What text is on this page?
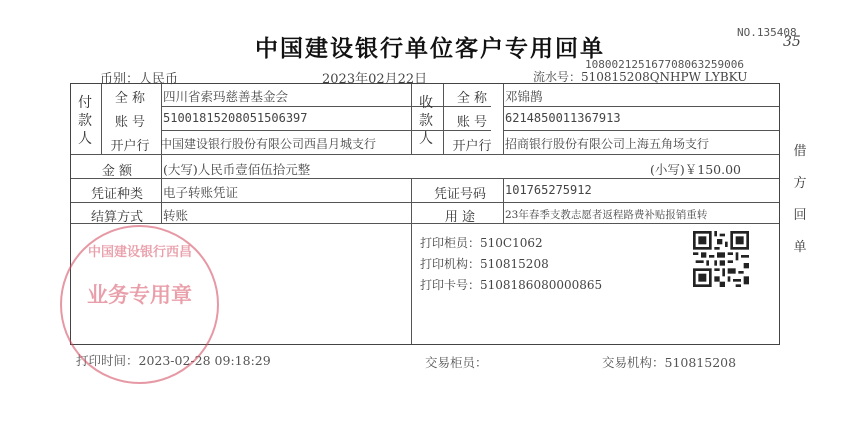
NO.135408
35
中国建设银行单位客户专用回单
108002125167708063259006
币别：人民币	2023年02月22日	流水号：510815208QNHPW LYBKU
付款人
全 称	四川省索玛慈善基金会
账 号	51001815208051506397
开户行 中国建设银行股份有限公司西昌月城支行
收款人
全 称	邓锦鹊
账 号	6214850011367913
开户行	招商银行股份有限公司上海五角场支行
金 额	(大写)人民币壹佰伍拾元整	(小写)￥150.00
凭证种类	电子转账凭证	凭证号码	101765275912
结算方式	转账	用 途	23年春季支教志愿者返程路费补贴报销重转
打印柜员：510C1062
打印机构：510815208
打印卡号：5108186080000865
打印时间：2023-02-28 09:18:29	交易柜员：	交易机构：510815208
借
方
回
单
中国建设银行西昌
业务专用章
